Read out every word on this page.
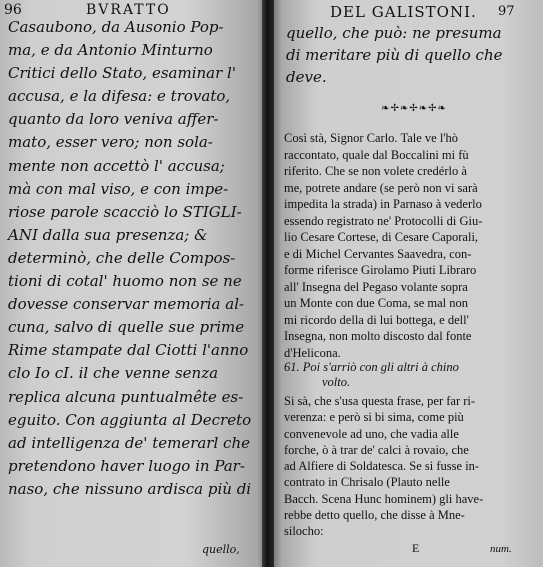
96	BVRATTO
Casaubono, da Ausonio Pop-
ma, e da Antonio Minturno
Critici dello Stato, esaminar l'
accusa, e la difesa: e trovato,
quanto da loro veniva affer-
mato, esser vero; non sola-
mente non accettò l' accusa;
mà con mal viso, e con impe-
riose parole scacciò lo STIGLI-
ANI dalla sua presenza; &
determinò, che delle Compos-
tioni di cotal' huomo non se ne
dovesse conservar memoria al-
cuna, salvo di quelle sue prime
Rime stampate dal Ciotti l'anno
clo Io cI. il che venne senza
replica alcuna puntualmête es-
eguito. Con aggiunta al Decreto
ad intelligenza de' temerarl che
pretendono haver luogo in Par-
naso, che nissuno ardisca più di
quello,
DEL GALISTONI. 97
quello, che può: ne presuma
di meritare più di quello che
deve.
❧✢❧✢❧✢❧
Così stà, Signor Carlo. Tale ve l'hò
raccontato, quale dal Boccalini mi fù
riferito. Che se non volete credérlo à
me, potrete andare (se però non vi sarà
impedita la strada) in Parnaso à vederlo
essendo registrato ne' Protocolli di Giu-
lio Cesare Cortese, di Cesare Caporali,
e di Michel Cervantes Saavedra, con-
forme riferisce Girolamo Piuti Libraro
all' Insegna del Pegaso volante sopra
un Monte con due Coma, se mal non
mi ricordo della di lui bottega, e dell'
Insegna, non molto discosto dal fonte
d'Helicona.
61. Poi s'arriò con gli altri à chino
volto.
Si sà, che s'usa questa frase, per far ri-
verenza: e però si bi sima, come più
convenevole ad uno, che vadia alle
forche, ò à trar de' calci à rovaio, che
ad Alfiere di Soldatesca. Se si fusse in-
contrato in Chrisalo (Plauto nelle
Bacch. Scena Hunc hominem) gli have-
rebbe detto quello, che disse à Mne-
silocho:
E	num.
